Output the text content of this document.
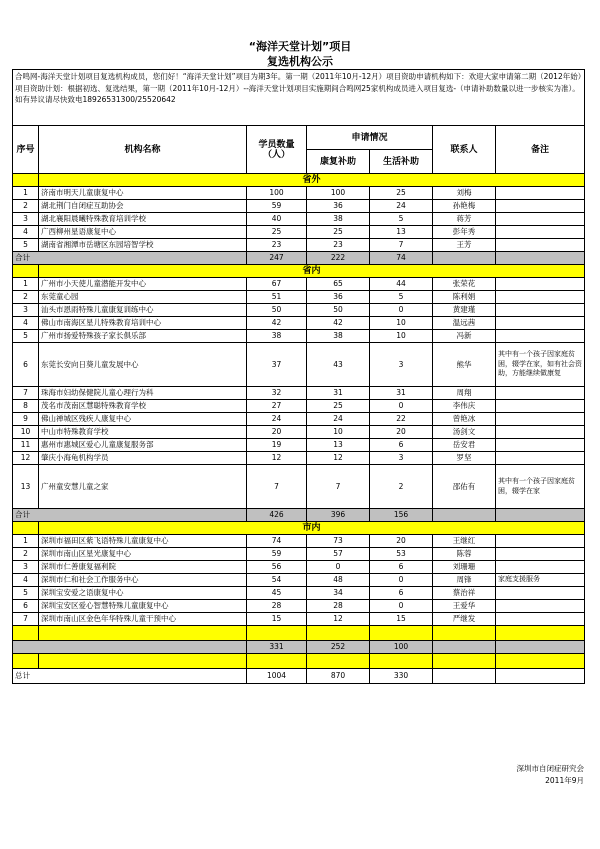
“海洋天堂计划”项目
复选机构公示
合鸣网-海洋天堂计划项目复选机构成员，您们好！“海洋天堂计划”项目为期3年。第一期（2011年10月-12月）项目资助申请机构如下：欢迎大家申请第二期（2012年始）项目资助计划：根据初选、复选结果，第一期（2011年10月-12月）--海洋天堂计划项目实施期间合鸣网25家机构成员进入项目复选-（申请补助数量以进一步核实为准）。 如有异议请尽快致电18926531300/25520642						
序号	机构名称	学员数量（人）	申请情况		联系人	备注
			康复补助	生活补助		
	省外					
1	济南市明天儿童康复中心	100	100	25	刘梅	
2	湖北荆门自闭症互助协会	59	36	24	孙艳梅	
3	湖北襄阳晨曦特殊教育培训学校	40	38	5	蒋芳	
4	广西柳州星语康复中心	25	25	13	彭年秀	
5	湖南省湘潭市岳塘区东园培智学校	23	23	7	王芳	
合计		247	222	74		
	省内					
1	广州市小天使儿童潜能开发中心	67	65	44	张荣花	
2	东莞童心园	51	36	5	陈利娟	
3	汕头市恩雨特殊儿童康复训练中心	50	50	0	黄建瑾	
4	佛山市南海区星儿特殊教育培训中心	42	42	10	温远茜	
5	广州市扬爱特殊孩子家长俱乐部	38	38	10	冯新	
6	东莞长安向日葵儿童发展中心	37	43	3	熊华	其中有一个孩子因家庭贫困，辍学在家，如有社会资助，方能继续做康复
7	珠海市妇幼保健院儿童心理行为科	32	31	31	周翔	
8	茂名市茂南区慧聪特殊教育学校	27	25	0	李伟庆	
9	佛山禅城区残疾人康复中心	24	24	22	曾艳冰	
10	中山市特殊教育学校	20	10	20	汤剑文	
11	惠州市惠城区爱心儿童康复服务部	19	13	6	岳安君	
12	肇庆小海龟机构学员	12	12	3	罗坚	
13	广州童安慧儿童之家	7	7	2	邵佑有	其中有一个孩子因家庭贫困，辍学在家
合计		426	396	156		
	市内					
1	深圳市福田区紫飞语特殊儿童康复中心	74	73	20	王继红	
2	深圳市南山区星光康复中心	59	57	53	陈蓉	
3	深圳市仁善康复福利院	56	0	6	刘珊珊	
4	深圳市仁和社会工作服务中心	54	48	0	周锋	家庭支援服务
5	深圳宝安爱之语康复中心	45	34	6	蔡治祥	
6	深圳宝安区爱心智慧特殊儿童康复中心	28	28	0	王爱华	
7	深圳市南山区金色年华特殊儿童干预中心	15	12	15	严继发	

		331	252	100		

总计		1004	870	330		
深圳市自闭症研究会
2011年9月
